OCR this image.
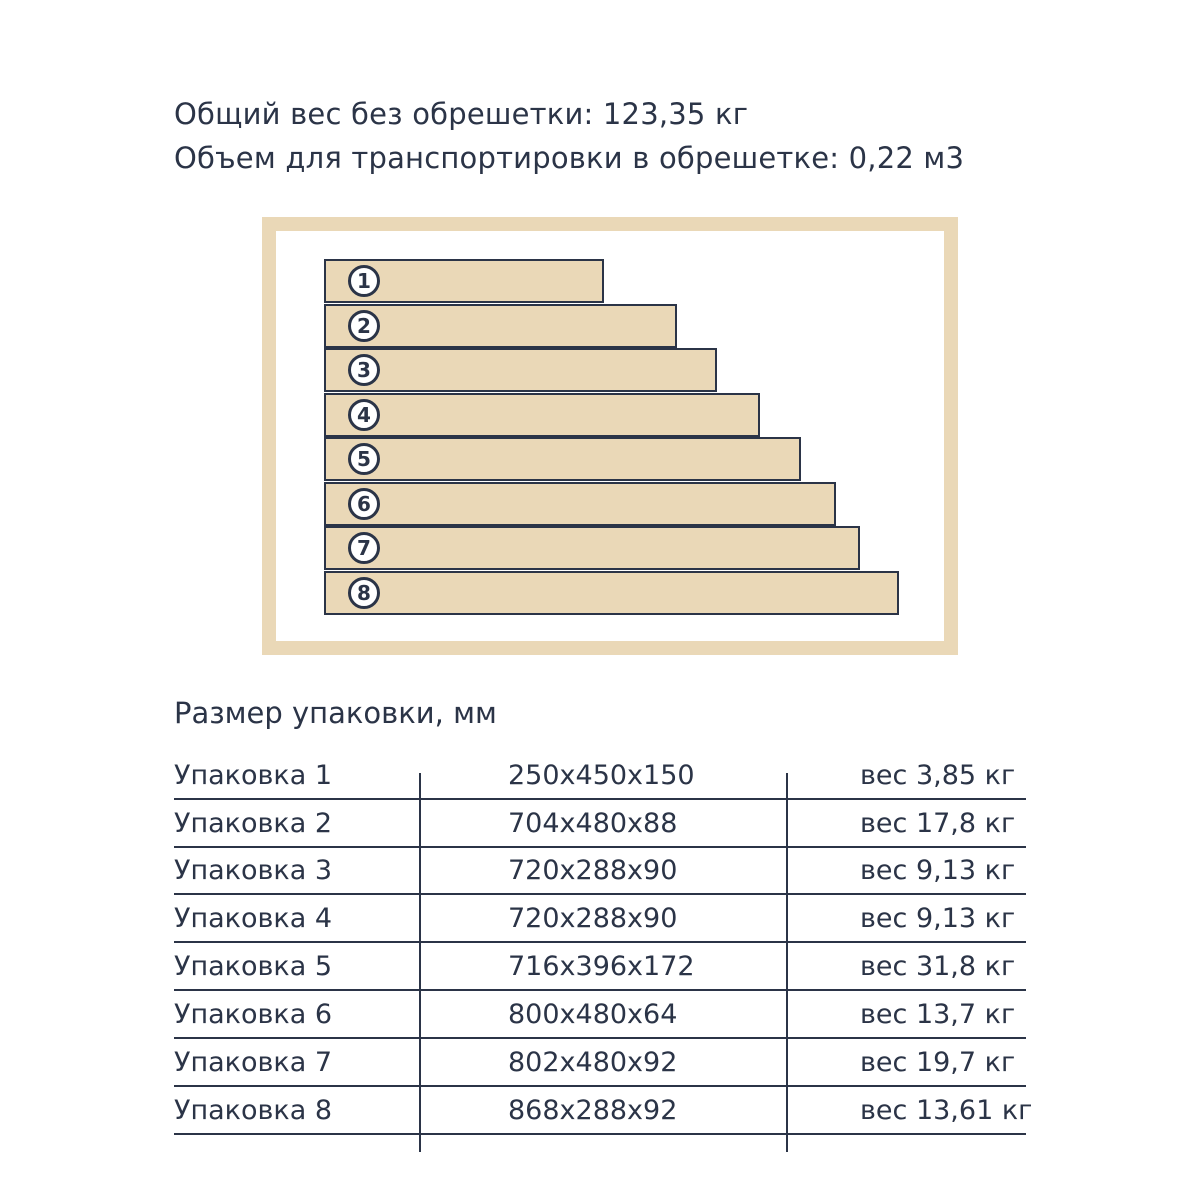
Общий вес без обрешетки: 123,35 кг
Объем для транспортировки в обрешетке: 0,22 м3
1
2
3
4
5
6
7
8
Размер упаковки, мм
Упаковка 1	250x450x150	вес 3,85 кг
Упаковка 2	704x480x88	вес 17,8 кг
Упаковка 3	720x288x90	вес 9,13 кг
Упаковка 4	720x288x90	вес 9,13 кг
Упаковка 5	716x396x172	вес 31,8 кг
Упаковка 6	800x480x64	вес 13,7 кг
Упаковка 7	802x480x92	вес 19,7 кг
Упаковка 8	868x288x92	вес 13,61 кг
